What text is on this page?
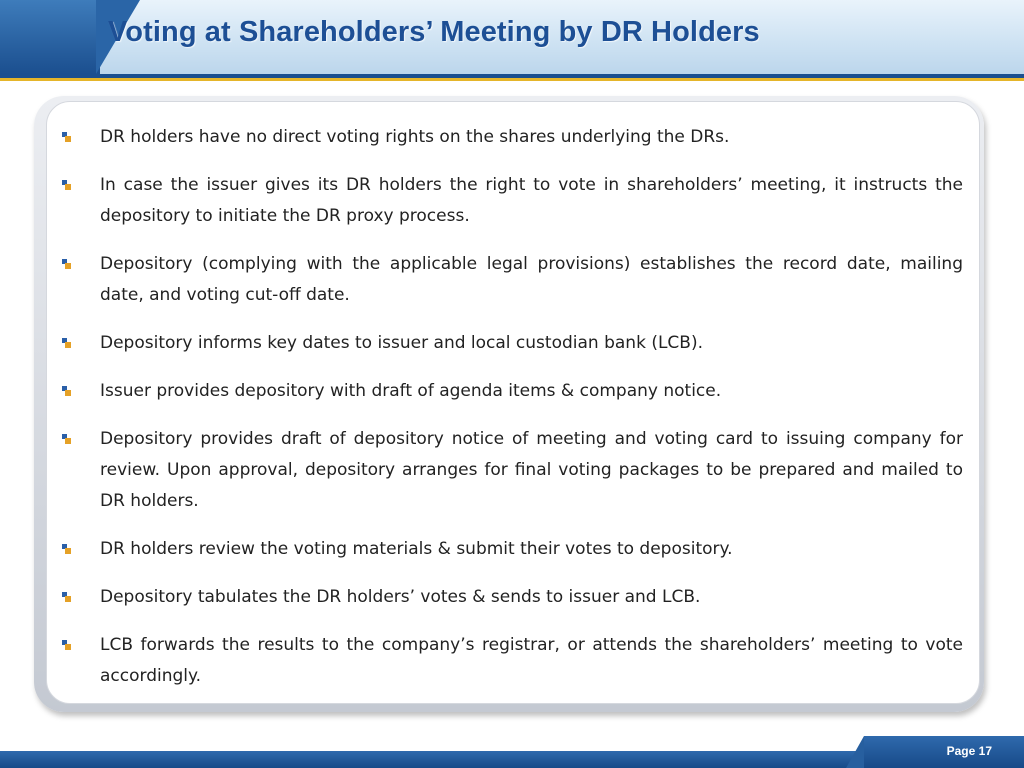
Voting at Shareholders’ Meeting by DR Holders
DR holders have no direct voting rights on the shares underlying the DRs.
In case the issuer gives its DR holders the right to vote in shareholders’ meeting, it instructs the depository to initiate the DR proxy process.
Depository (complying with the applicable legal provisions) establishes the record date, mailing date, and voting cut-off date.
Depository informs key dates to issuer and local custodian bank (LCB).
Issuer provides depository with draft of agenda items & company notice.
Depository provides draft of depository notice of meeting and voting card to issuing company for review. Upon approval, depository arranges for final voting packages to be prepared and mailed to DR holders.
DR holders review the voting materials & submit their votes to depository.
Depository tabulates the DR holders’ votes & sends to issuer and LCB.
LCB forwards the results to the company’s registrar, or attends the shareholders’ meeting to vote accordingly.
Page 17
